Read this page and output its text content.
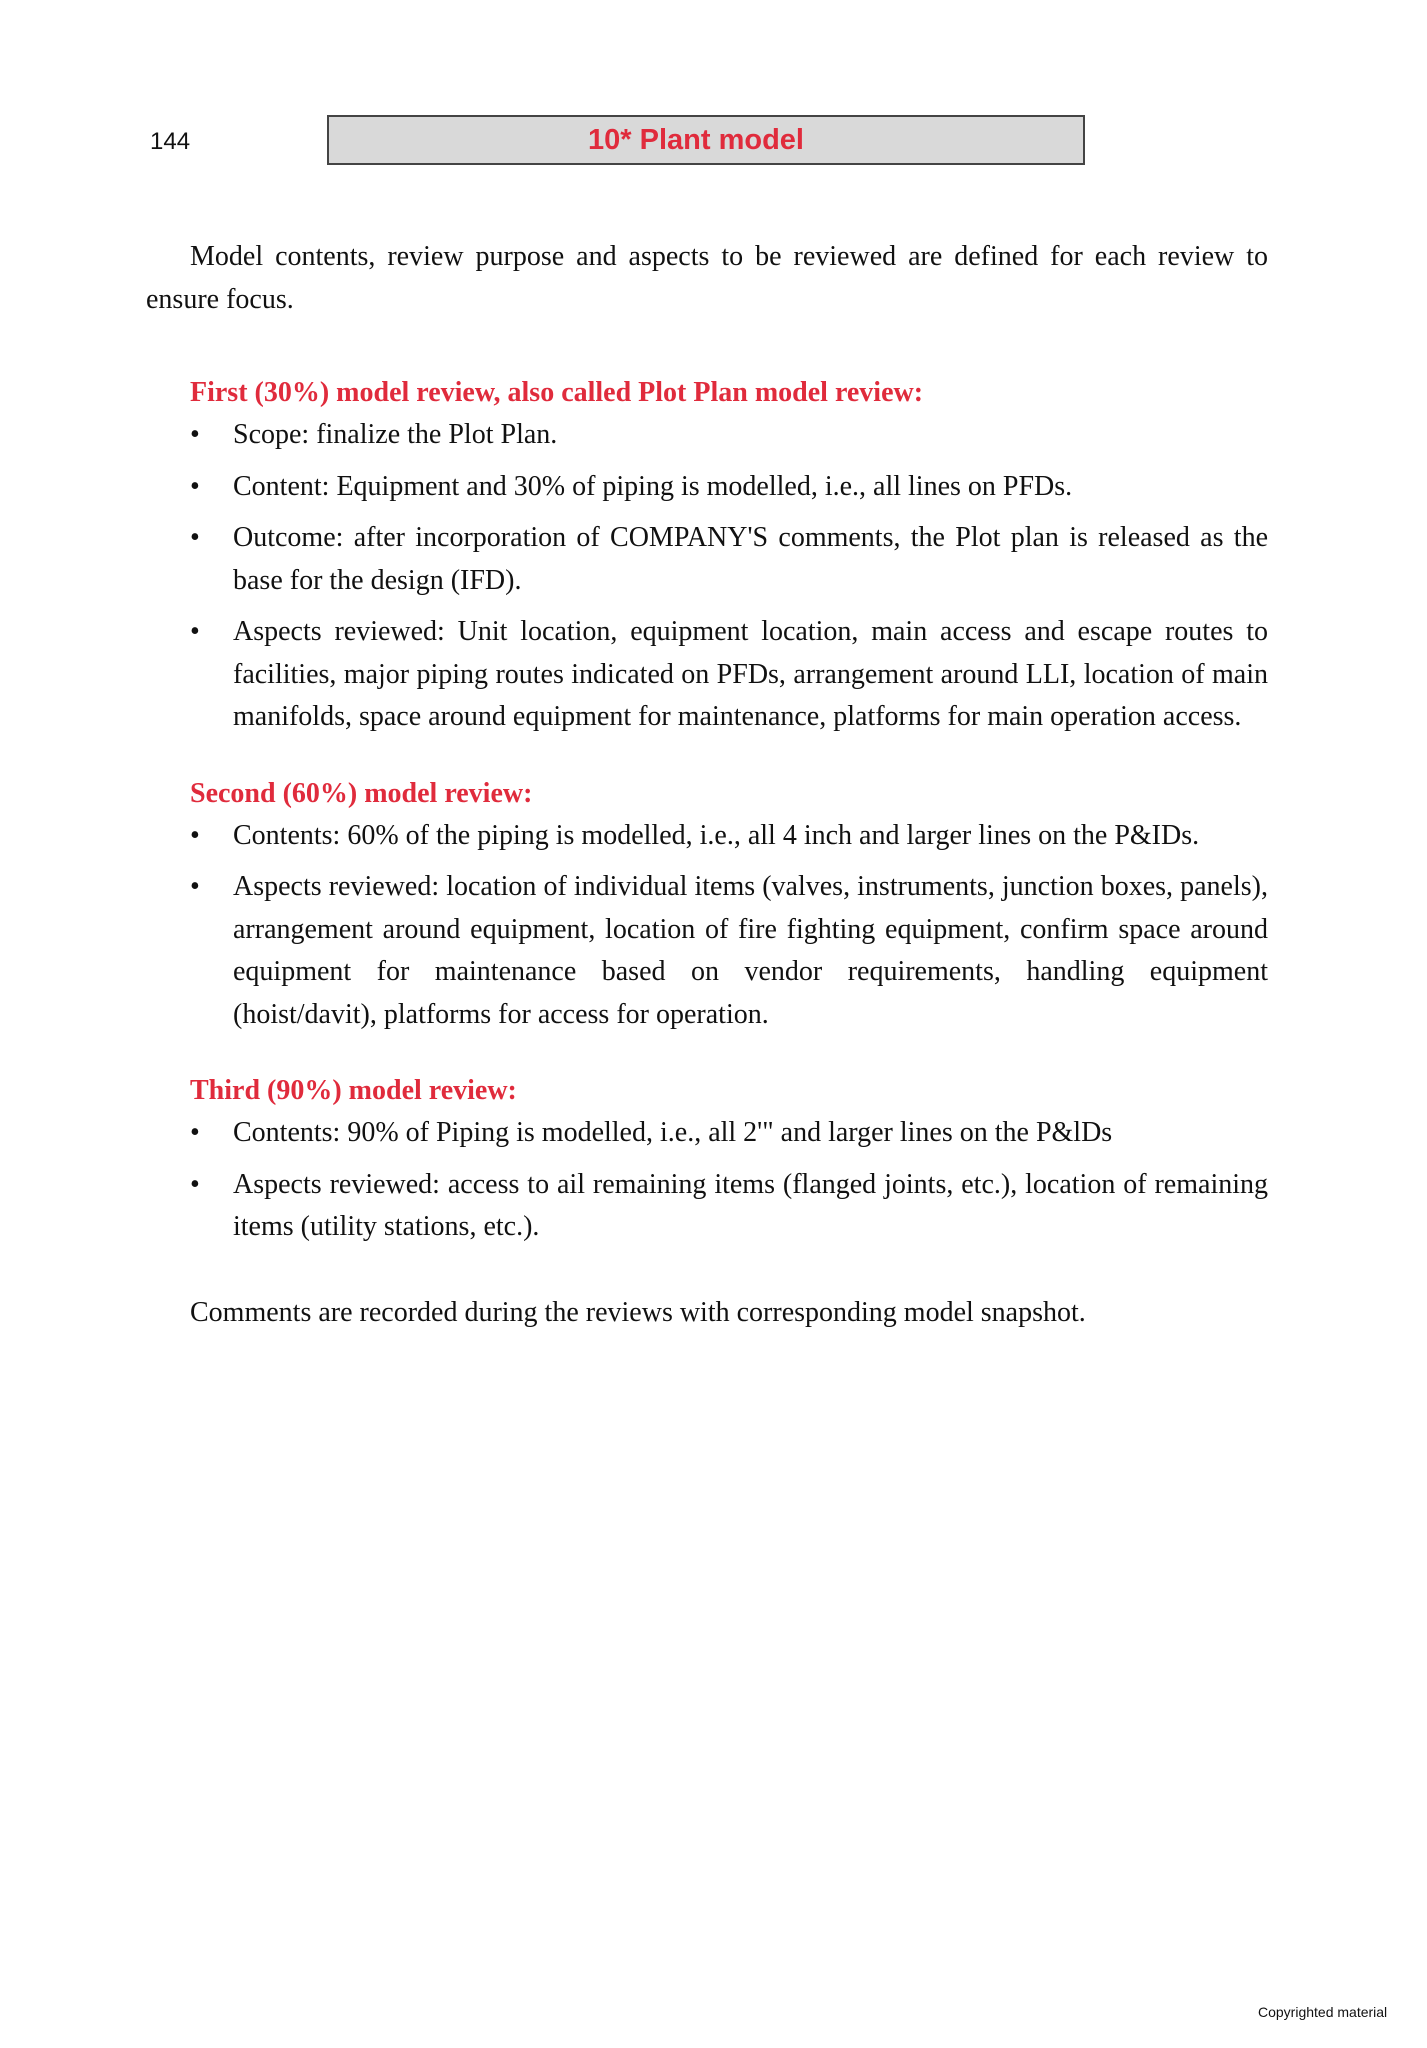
144	10* Plant model

Model contents, review purpose and aspects to be reviewed are defined for each review to ensure focus.

First (30%) model review, also called Plot Plan model review:
• Scope: finalize the Plot Plan.
• Content: Equipment and 30% of piping is modelled, i.e., all lines on PFDs.
• Outcome: after incorporation of COMPANY'S comments, the Plot plan is released as the base for the design (IFD).
• Aspects reviewed: Unit location, equipment location, main access and escape routes to facilities, major piping routes indicated on PFDs, arrangement around LLI, location of main manifolds, space around equipment for maintenance, platforms for main operation access.
Second (60%) model review:
• Contents: 60% of the piping is modelled, i.e., all 4 inch and larger lines on the P&IDs.
• Aspects reviewed: location of individual items (valves, instruments, junction boxes, panels), arrangement around equipment, location of fire fighting equipment, confirm space around equipment for maintenance based on vendor requirements, handling equipment (hoist/davit), platforms for access for operation.
Third (90%) model review:
• Contents: 90% of Piping is modelled, i.e., all 2'" and larger lines on the P&lDs
• Aspects reviewed: access to ail remaining items (flanged joints, etc.), location of remaining items (utility stations, etc.).

Comments are recorded during the reviews with corresponding model snapshot.

Copyrighted material
